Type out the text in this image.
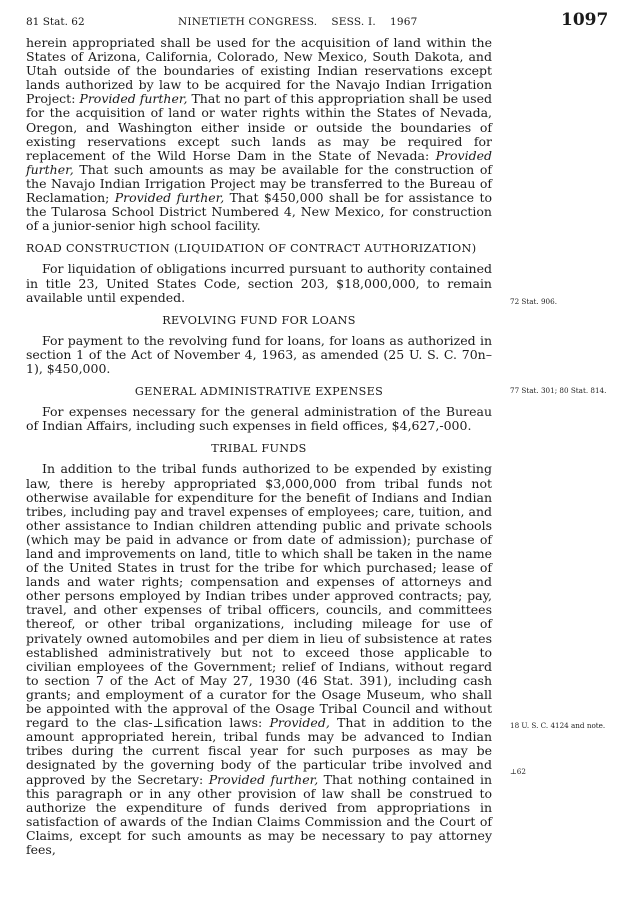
81 Stat. 62	NINETIETH CONGRESS.    SESS. I.    1967	1097

herein appropriated shall be used for the acquisition of land within the States of Arizona, California, Colorado, New Mexico, South Dakota, and Utah outside of the boundaries of existing Indian reservations except lands authorized by law to be acquired for the Navajo Indian Irrigation Project: Provided further, That no part of this appropriation shall be used for the acquisition of land or water rights within the States of Nevada, Oregon, and Washington either inside or outside the boundaries of existing reservations except such lands as may be required for replacement of the Wild Horse Dam in the State of Nevada: Provided further, That such amounts as may be available for the construction of the Navajo Indian Irrigation Project may be transferred to the Bureau of Reclamation; Provided further, That $450,000 shall be for assistance to the Tularosa School District Numbered 4, New Mexico, for construction of a junior-senior high school facility.

ROAD CONSTRUCTION (LIQUIDATION OF CONTRACT AUTHORIZATION)

For liquidation of obligations incurred pursuant to authority contained in title 23, United States Code, section 203, $18,000,000, to remain available until expended.

REVOLVING FUND FOR LOANS

For payment to the revolving fund for loans, for loans as authorized in section 1 of the Act of November 4, 1963, as amended (25 U. S. C. 70n–1), $450,000.

GENERAL ADMINISTRATIVE EXPENSES

For expenses necessary for the general administration of the Bureau of Indian Affairs, including such expenses in field offices, $4,627,-000.

TRIBAL FUNDS

In addition to the tribal funds authorized to be expended by existing law, there is hereby appropriated $3,000,000 from tribal funds not otherwise available for expenditure for the benefit of Indians and Indian tribes, including pay and travel expenses of employees; care, tuition, and other assistance to Indian children attending public and private schools (which may be paid in advance or from date of admission); purchase of land and improvements on land, title to which shall be taken in the name of the United States in trust for the tribe for which purchased; lease of lands and water rights; compensation and expenses of attorneys and other persons employed by Indian tribes under approved contracts; pay, travel, and other expenses of tribal officers, councils, and committees thereof, or other tribal organizations, including mileage for use of privately owned automobiles and per diem in lieu of subsistence at rates established administratively but not to exceed those applicable to civilian employees of the Government; relief of Indians, without regard to section 7 of the Act of May 27, 1930 (46 Stat. 391), including cash grants; and employment of a curator for the Osage Museum, who shall be appointed with the approval of the Osage Tribal Council and without regard to the clas-⊥sification laws: Provided, That in addition to the amount appropriated herein, tribal funds may be advanced to Indian tribes during the current fiscal year for such purposes as may be designated by the governing body of the particular tribe involved and approved by the Secretary: Provided further, That nothing contained in this paragraph or in any other provision of law shall be construed to authorize the expenditure of funds derived from appropriations in satisfaction of awards of the Indian Claims Commission and the Court of Claims, except for such amounts as may be necessary to pay attorney fees,

72 Stat. 906.
77 Stat. 301; 80 Stat. 814.
18 U. S. C. 4124 and note.
⊥62
